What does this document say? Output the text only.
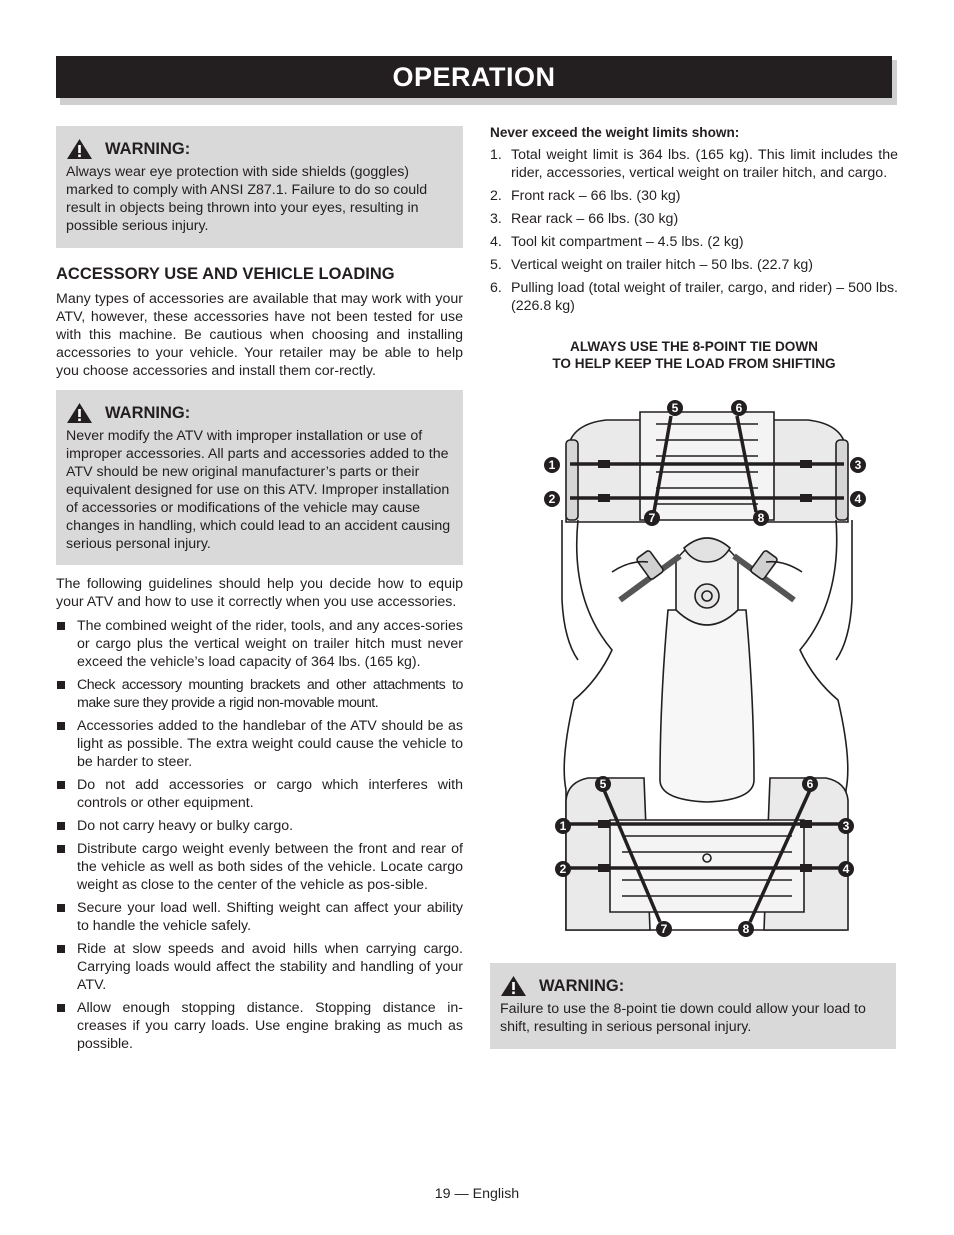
OPERATION
WARNING:
Always wear eye protection with side shields (goggles) marked to comply with ANSI Z87.1. Failure to do so could result in objects being thrown into your eyes, resulting in possible serious injury.
ACCESSORY USE AND VEHICLE LOADING

Many types of accessories are available that may work with your ATV, however, these accessories have not been tested for use with this machine. Be cautious when choosing and installing accessories to your vehicle. Your retailer may be able to help you choose accessories and install them cor-rectly.

WARNING:
Never modify the ATV with improper installation or use of improper accessories. All parts and accessories added to the ATV should be new original manufacturer’s parts or their equivalent designed for use on this ATV. Improper installation of accessories or modifications of the vehicle may cause changes in handling, which could lead to an accident causing serious personal injury.

The following guidelines should help you decide how to equip your ATV and how to use it correctly when you use accessories.

The combined weight of the rider, tools, and any acces-sories or cargo plus the vertical weight on trailer hitch must never exceed the vehicle’s load capacity of 364 lbs. (165 kg).
Check accessory mounting brackets and other attachments to make sure they provide a rigid non-movable mount.
Accessories added to the handlebar of the ATV should be as light as possible. The extra weight could cause the vehicle to be harder to steer.
Do not add accessories or cargo which interferes with controls or other equipment.
Do not carry heavy or bulky cargo.
Distribute cargo weight evenly between the front and rear of the vehicle as well as both sides of the vehicle. Locate cargo weight as close to the center of the vehicle as pos-sible.
Secure your load well. Shifting weight can affect your ability to handle the vehicle safely.
Ride at slow speeds and avoid hills when carrying cargo. Carrying loads would affect the stability and handling of your ATV.
Allow enough stopping distance. Stopping distance in-creases if you carry loads. Use engine braking as much as possible.
Never exceed the weight limits shown:
1. Total weight limit is 364 lbs. (165 kg). This limit includes the rider, accessories, vertical weight on trailer hitch, and cargo.
2. Front rack – 66 lbs. (30 kg)
3. Rear rack – 66 lbs. (30 kg)
4. Tool kit compartment – 4.5 lbs. (2 kg)
5. Vertical weight on trailer hitch – 50 lbs. (22.7 kg)
6. Pulling load (total weight of trailer, cargo, and rider) – 500 lbs. (226.8 kg)
ALWAYS USE THE 8-POINT TIE DOWN
TO HELP KEEP THE LOAD FROM SHIFTING
5	6
1
2
3
4
7	8
5	6
1
2
3
4
7	8
WARNING:
Failure to use the 8-point tie down could allow your load to shift, resulting in serious personal injury.
19 — English
